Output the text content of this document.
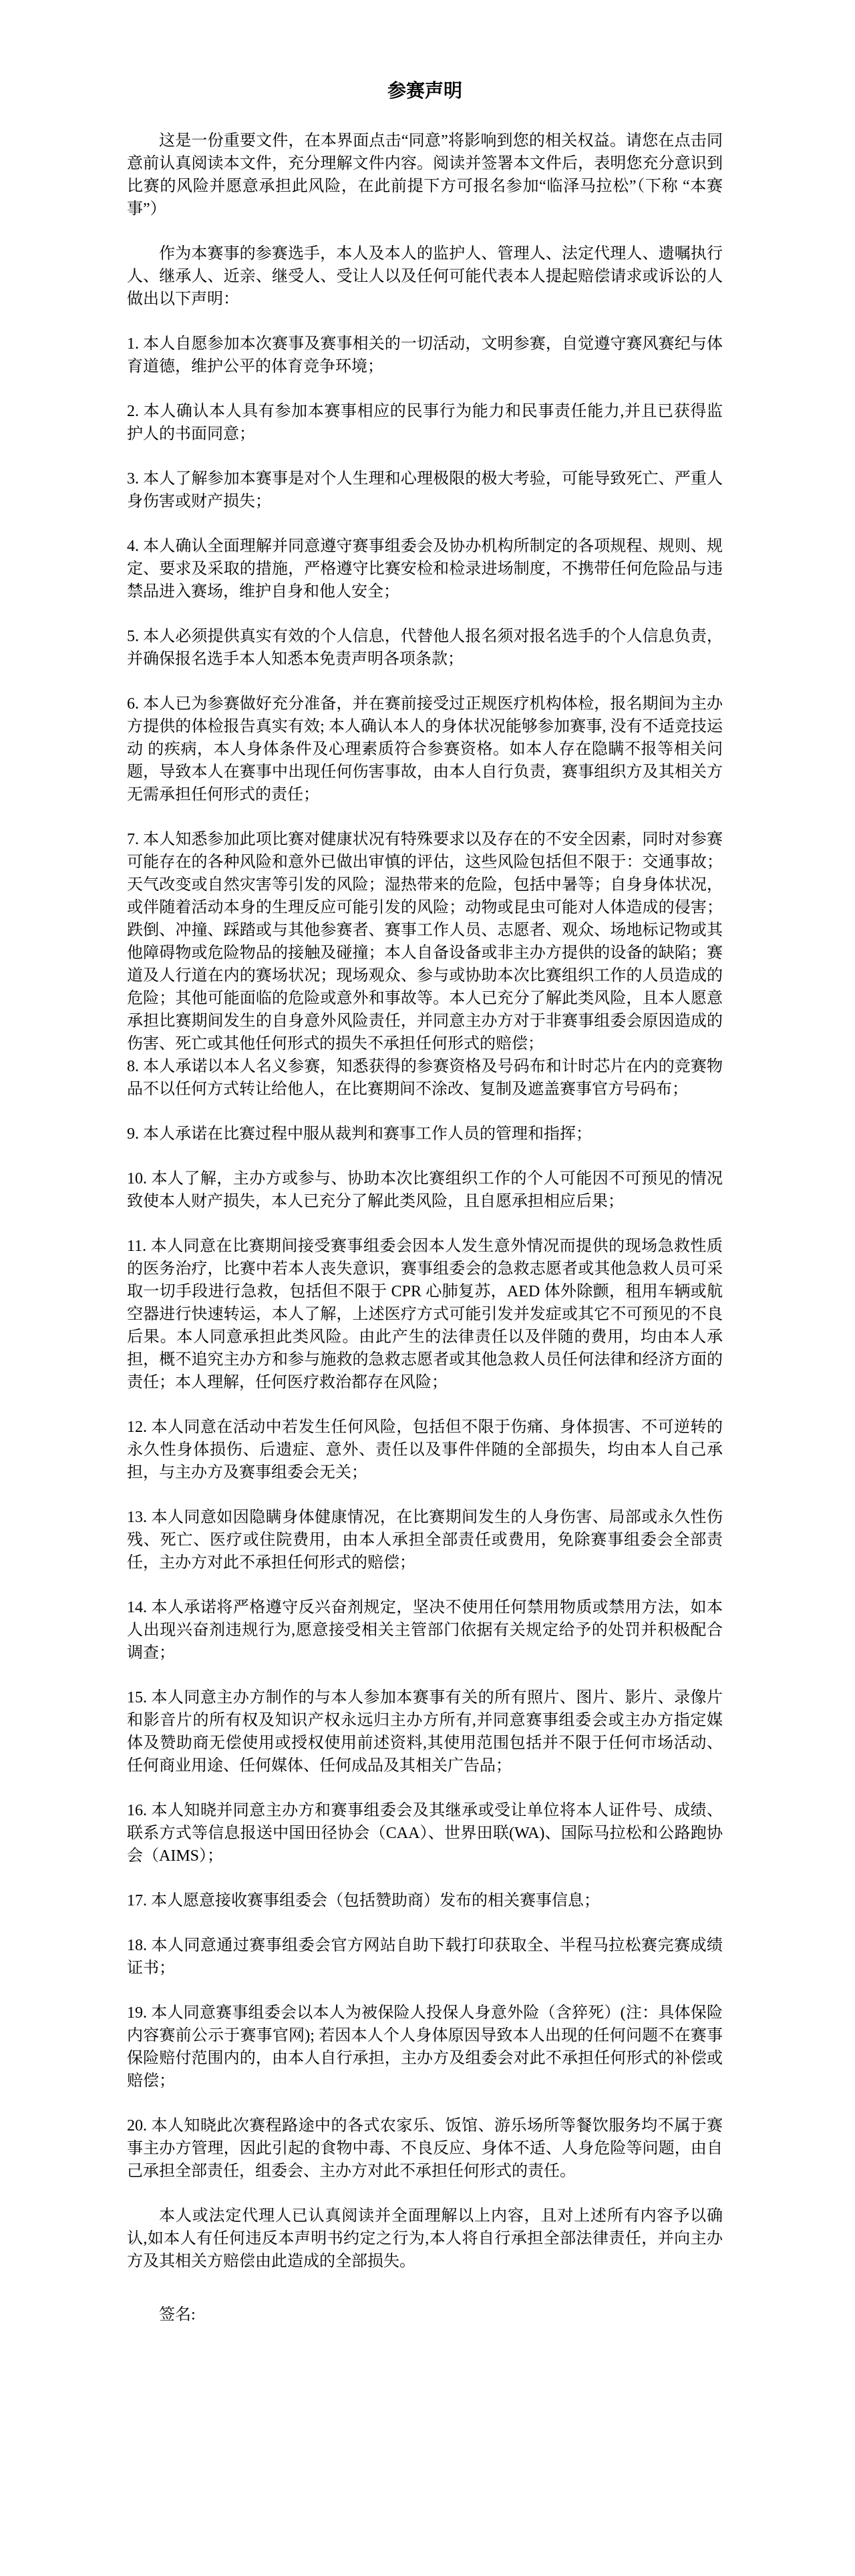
参赛声明

这是一份重要文件，在本界面点击“同意”将影响到您的相关权益。请您在点击同意前认真阅读本文件，充分理解文件内容。阅读并签署本文件后，表明您充分意识到比赛的风险并愿意承担此风险，在此前提下方可报名参加“临泽马拉松”（下称 “本赛事”）

作为本赛事的参赛选手，本人及本人的监护人、管理人、法定代理人、遗嘱执行人、继承人、近亲、继受人、受让人以及任何可能代表本人提起赔偿请求或诉讼的人做出以下声明：

1. 本人自愿参加本次赛事及赛事相关的一切活动，文明参赛，自觉遵守赛风赛纪与体育道德，维护公平的体育竞争环境；

2. 本人确认本人具有参加本赛事相应的民事行为能力和民事责任能力,并且已获得监护人的书面同意；

3. 本人了解参加本赛事是对个人生理和心理极限的极大考验，可能导致死亡、严重人身伤害或财产损失；

4. 本人确认全面理解并同意遵守赛事组委会及协办机构所制定的各项规程、规则、规定、要求及采取的措施，严格遵守比赛安检和检录进场制度，不携带任何危险品与违禁品进入赛场，维护自身和他人安全；

5. 本人必须提供真实有效的个人信息，代替他人报名须对报名选手的个人信息负责，并确保报名选手本人知悉本免责声明各项条款；

6. 本人已为参赛做好充分准备，并在赛前接受过正规医疗机构体检，报名期间为主办方提供的体检报告真实有效; 本人确认本人的身体状况能够参加赛事, 没有不适竞技运动 的疾病，本人身体条件及心理素质符合参赛资格。如本人存在隐瞒不报等相关问题，导致本人在赛事中出现任何伤害事故，由本人自行负责，赛事组织方及其相关方无需承担任何形式的责任；

7. 本人知悉参加此项比赛对健康状况有特殊要求以及存在的不安全因素，同时对参赛可能存在的各种风险和意外已做出审慎的评估，这些风险包括但不限于：交通事故；天气改变或自然灾害等引发的风险；湿热带来的危险，包括中暑等；自身身体状况，或伴随着活动本身的生理反应可能引发的风险；动物或昆虫可能对人体造成的侵害；跌倒、冲撞、踩踏或与其他参赛者、赛事工作人员、志愿者、观众、场地标记物或其他障碍物或危险物品的接触及碰撞；本人自备设备或非主办方提供的设备的缺陷；赛道及人行道在内的赛场状况；现场观众、参与或协助本次比赛组织工作的人员造成的危险；其他可能面临的危险或意外和事故等。本人已充分了解此类风险，且本人愿意承担比赛期间发生的自身意外风险责任，并同意主办方对于非赛事组委会原因造成的伤害、死亡或其他任何形式的损失不承担任何形式的赔偿；

8. 本人承诺以本人名义参赛，知悉获得的参赛资格及号码布和计时芯片在内的竞赛物品不以任何方式转让给他人，在比赛期间不涂改、复制及遮盖赛事官方号码布；

9. 本人承诺在比赛过程中服从裁判和赛事工作人员的管理和指挥；

10. 本人了解，主办方或参与、协助本次比赛组织工作的个人可能因不可预见的情况致使本人财产损失，本人已充分了解此类风险，且自愿承担相应后果；

11. 本人同意在比赛期间接受赛事组委会因本人发生意外情况而提供的现场急救性质的医务治疗，比赛中若本人丧失意识，赛事组委会的急救志愿者或其他急救人员可采取一切手段进行急救，包括但不限于 CPR 心肺复苏，AED 体外除颤，租用车辆或航空器进行快速转运，本人了解，上述医疗方式可能引发并发症或其它不可预见的不良后果。本人同意承担此类风险。由此产生的法律责任以及伴随的费用，均由本人承担，概不追究主办方和参与施救的急救志愿者或其他急救人员任何法律和经济方面的责任；本人理解，任何医疗救治都存在风险；

12. 本人同意在活动中若发生任何风险，包括但不限于伤痛、身体损害、不可逆转的永久性身体损伤、后遗症、意外、责任以及事件伴随的全部损失，均由本人自己承担，与主办方及赛事组委会无关；

13. 本人同意如因隐瞒身体健康情况，在比赛期间发生的人身伤害、局部或永久性伤残、死亡、医疗或住院费用，由本人承担全部责任或费用，免除赛事组委会全部责任，主办方对此不承担任何形式的赔偿；

14. 本人承诺将严格遵守反兴奋剂规定，坚决不使用任何禁用物质或禁用方法，如本人出现兴奋剂违规行为,愿意接受相关主管部门依据有关规定给予的处罚并积极配合调查；

15. 本人同意主办方制作的与本人参加本赛事有关的所有照片、图片、影片、录像片和影音片的所有权及知识产权永远归主办方所有,并同意赛事组委会或主办方指定媒体及赞助商无偿使用或授权使用前述资料,其使用范围包括并不限于任何市场活动、任何商业用途、任何媒体、任何成品及其相关广告品；

16. 本人知晓并同意主办方和赛事组委会及其继承或受让单位将本人证件号、成绩、联系方式等信息报送中国田径协会（CAA）、世界田联(WA)、国际马拉松和公路跑协会（AIMS）；

17. 本人愿意接收赛事组委会（包括赞助商）发布的相关赛事信息；

18. 本人同意通过赛事组委会官方网站自助下载打印获取全、半程马拉松赛完赛成绩证书；

19. 本人同意赛事组委会以本人为被保险人投保人身意外险（含猝死）(注：具体保险内容赛前公示于赛事官网); 若因本人个人身体原因导致本人出现的任何问题不在赛事保险赔付范围内的，由本人自行承担，主办方及组委会对此不承担任何形式的补偿或赔偿；

20. 本人知晓此次赛程路途中的各式农家乐、饭馆、游乐场所等餐饮服务均不属于赛事主办方管理，因此引起的食物中毒、不良反应、身体不适、人身危险等问题，由自己承担全部责任，组委会、主办方对此不承担任何形式的责任。

本人或法定代理人已认真阅读并全面理解以上内容，且对上述所有内容予以确认,如本人有任何违反本声明书约定之行为,本人将自行承担全部法律责任，并向主办方及其相关方赔偿由此造成的全部损失。

签名:
